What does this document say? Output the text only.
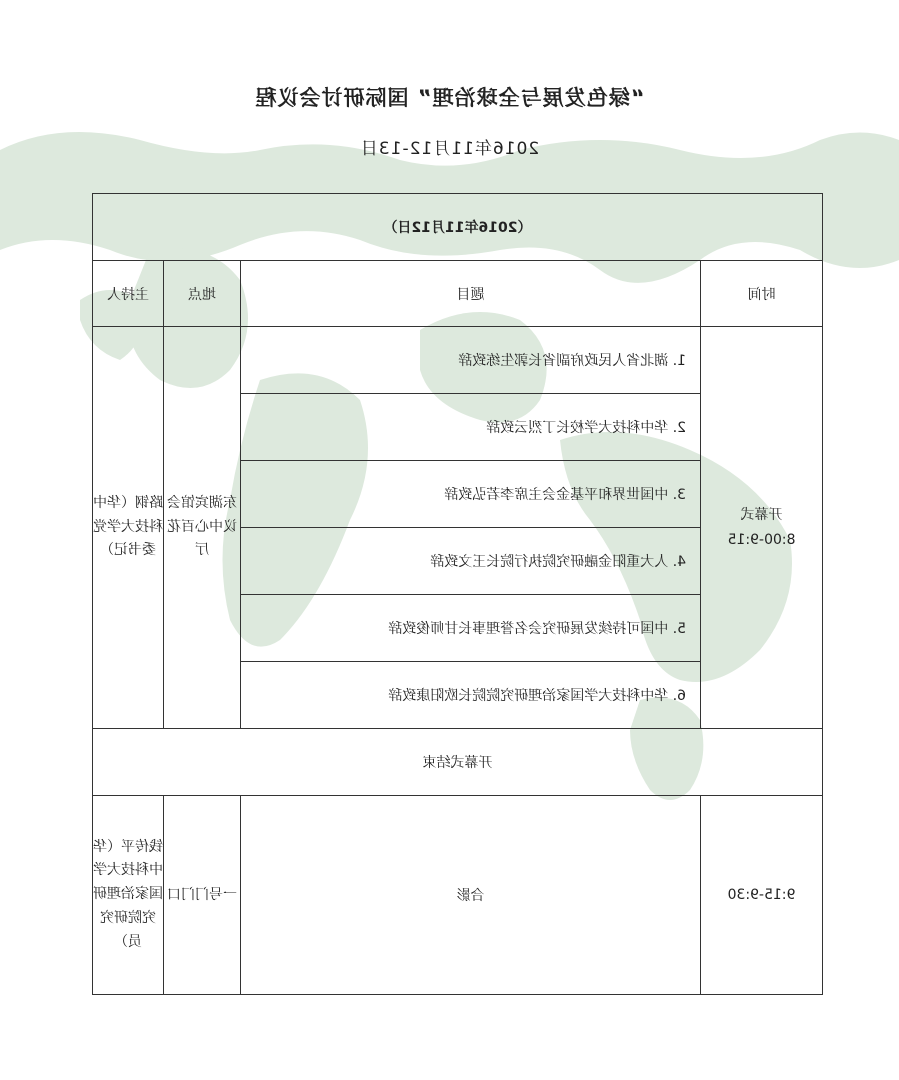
“绿色发展与全球治理” 国际研讨会议程
2016年11月12-13日
（2016年11月12日）			
时间	题目	地点	主持人

开幕式
8:00-9:15	1. 湖北省人民政府副省长郭生练致辞	东湖宾馆会议中心百花厅	路钢（华中科技大学党委书记）
	2. 华中科技大学校长丁烈云致辞		
	3. 中国世界和平基金会主席李若弘致辞		
	4. 人大重阳金融研究院执行院长王文致辞		
	5. 中国可持续发展研究会名誉理事长甘师俊致辞		
	6. 华中科技大学国家治理研究院院长欧阳康致辞		
开幕式结束			
9:15-9:30	合影	一号门门口	钱传平（华中科技大学国家治理研究院研究员）
